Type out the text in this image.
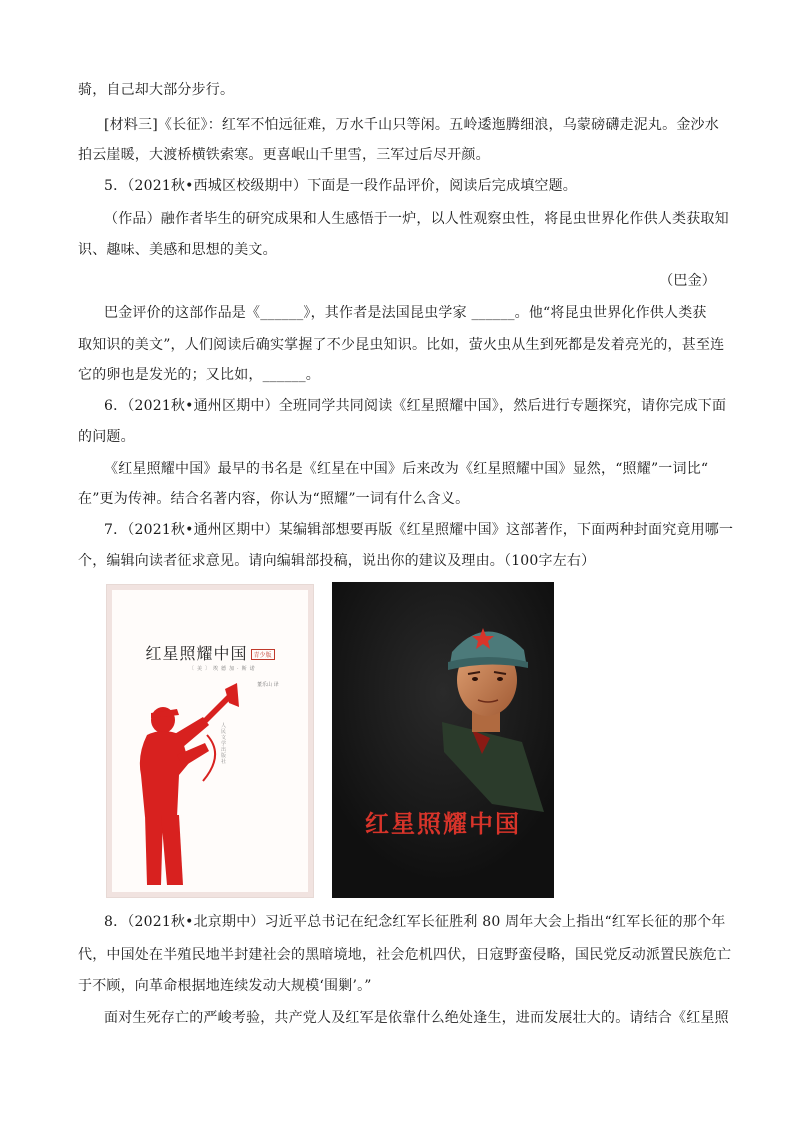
骑，自己却大部分步行。
[材料三]《长征》：红军不怕远征难，万水千山只等闲。五岭逶迤腾细浪，乌蒙磅礴走泥丸。金沙水
拍云崖暖，大渡桥横铁索寒。更喜岷山千里雪，三军过后尽开颜。
5．（2021秋•西城区校级期中）下面是一段作品评价，阅读后完成填空题。
（作品）融作者毕生的研究成果和人生感悟于一炉，以人性观察虫性，将昆虫世界化作供人类获取知
识、趣味、美感和思想的美文。
（巴金）
巴金评价的这部作品是《______》，其作者是法国昆虫学家 ______。他“将昆虫世界化作供人类获
取知识的美文”，人们阅读后确实掌握了不少昆虫知识。比如，萤火虫从生到死都是发着亮光的，甚至连
它的卵也是发光的；又比如，______。
6．（2021秋•通州区期中）全班同学共同阅读《红星照耀中国》，然后进行专题探究，请你完成下面
的问题。
《红星照耀中国》最早的书名是《红星在中国》后来改为《红星照耀中国》显然，“照耀”一词比“
在”更为传神。结合名著内容，你认为“照耀”一词有什么含义。
7．（2021秋•通州区期中）某编辑部想要再版《红星照耀中国》这部著作，下面两种封面究竟用哪一
个，编辑向读者征求意见。请向编辑部投稿，说出你的建议及理由。（100字左右）
红星照耀中国 青少版
〔美〕埃德加·斯诺
董乐山 译
人民文学出版社
红星照耀中国
8．（2021秋•北京期中）习近平总书记在纪念红军长征胜利 80 周年大会上指出“红军长征的那个年
代，中国处在半殖民地半封建社会的黑暗境地，社会危机四伏，日寇野蛮侵略，国民党反动派置民族危亡
于不顾，向革命根据地连续发动大规模‘围剿’。”
面对生死存亡的严峻考验，共产党人及红军是依靠什么绝处逢生，进而发展壮大的。请结合《红星照
